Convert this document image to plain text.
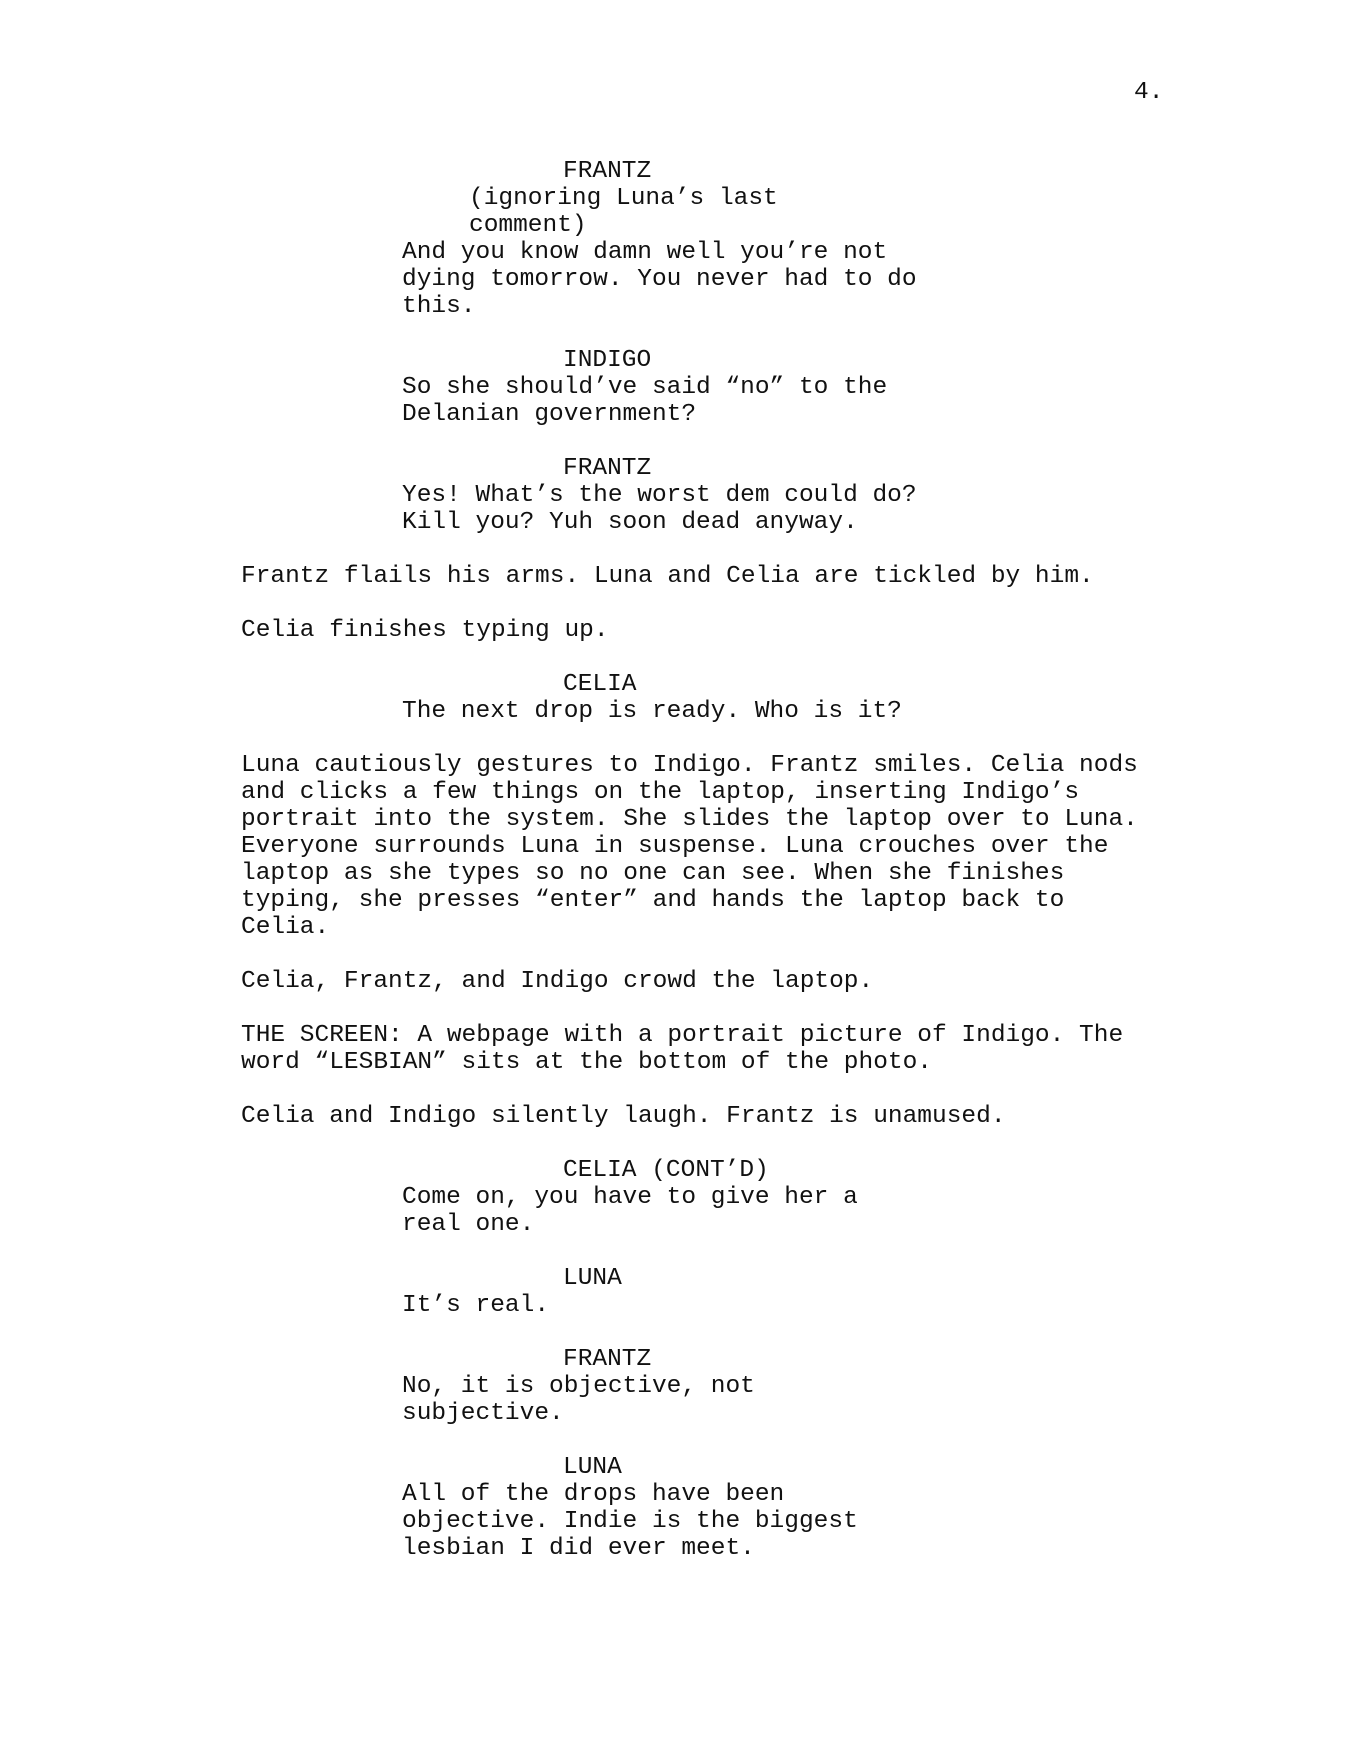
4.
FRANTZ
(ignoring Luna’s last
comment)
And you know damn well you’re not
dying tomorrow. You never had to do
this.
INDIGO
So she should’ve said “no” to the
Delanian government?
FRANTZ
Yes! What’s the worst dem could do?
Kill you? Yuh soon dead anyway.
Frantz flails his arms. Luna and Celia are tickled by him.
Celia finishes typing up.
CELIA
The next drop is ready. Who is it?
Luna cautiously gestures to Indigo. Frantz smiles. Celia nods
and clicks a few things on the laptop, inserting Indigo’s
portrait into the system. She slides the laptop over to Luna.
Everyone surrounds Luna in suspense. Luna crouches over the
laptop as she types so no one can see. When she finishes
typing, she presses “enter” and hands the laptop back to
Celia.
Celia, Frantz, and Indigo crowd the laptop.
THE SCREEN: A webpage with a portrait picture of Indigo. The
word “LESBIAN” sits at the bottom of the photo.
Celia and Indigo silently laugh. Frantz is unamused.
CELIA (CONT’D)
Come on, you have to give her a
real one.
LUNA
It’s real.
FRANTZ
No, it is objective, not
subjective.
LUNA
All of the drops have been
objective. Indie is the biggest
lesbian I did ever meet.
